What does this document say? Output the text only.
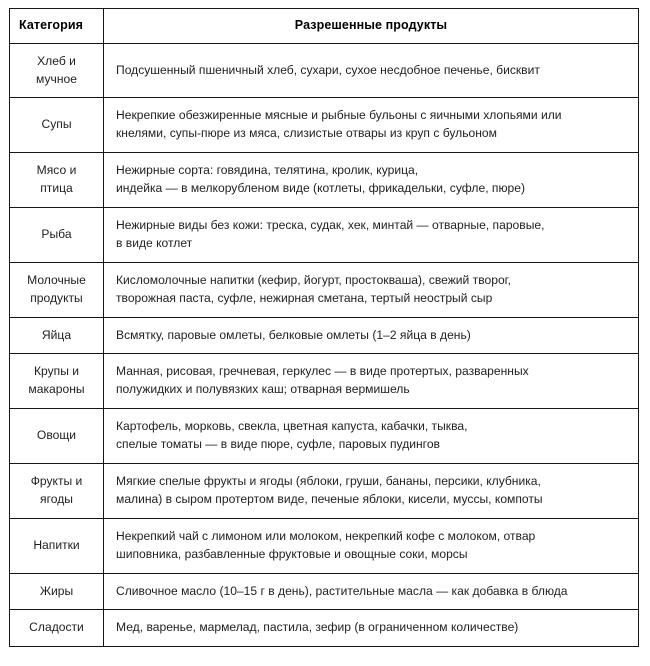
Категория	Разрешенные продукты

Хлеб и
мучное	Подсушенный пшеничный хлеб, сухари, сухое несдобное печенье, бисквит

Супы	Некрепкие обезжиренные мясные и рыбные бульоны с яичными хлопьями или
кнелями, супы-пюре из мяса, слизистые отвары из круп с бульоном

Мясо и
птица	Нежирные сорта: говядина, телятина, кролик, курица,
индейка — в мелкорубленом виде (котлеты, фрикадельки, суфле, пюре)

Рыба	Нежирные виды без кожи: треска, судак, хек, минтай — отварные, паровые,
в виде котлет

Молочные
продукты	Кисломолочные напитки (кефир, йогурт, простокваша), свежий творог,
творожная паста, суфле, нежирная сметана, тертый неострый сыр

Яйца	Всмятку, паровые омлеты, белковые омлеты (1–2 яйца в день)

Крупы и
макароны	Манная, рисовая, гречневая, геркулес — в виде протертых, разваренных
полужидких и полувязких каш; отварная вермишель

Овощи	Картофель, морковь, свекла, цветная капуста, кабачки, тыква,
спелые томаты — в виде пюре, суфле, паровых пудингов

Фрукты и
ягоды	Мягкие спелые фрукты и ягоды (яблоки, груши, бананы, персики, клубника,
малина) в сыром протертом виде, печеные яблоки, кисели, муссы, компоты

Напитки	Некрепкий чай с лимоном или молоком, некрепкий кофе с молоком, отвар
шиповника, разбавленные фруктовые и овощные соки, морсы

Жиры	Сливочное масло (10–15 г в день), растительные масла — как добавка в блюда

Сладости	Мед, варенье, мармелад, пастила, зефир (в ограниченном количестве)
